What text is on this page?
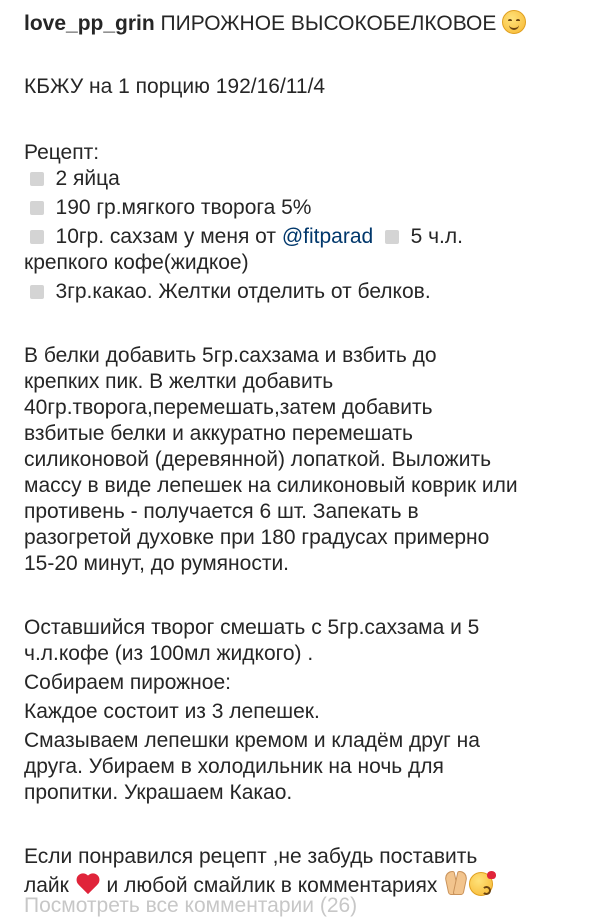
love_pp_grin ПИРОЖНОЕ ВЫСОКОБЕЛКОВОЕ
КБЖУ на 1 порцию 192/16/11/4
Рецепт:
2 яйца
190 гр.мягкого творога 5%
10гр. сахзам у меня от @fitparad 5 ч.л.
крепкого кофе(жидкое)
3гр.какао. Желтки отделить от белков.
В белки добавить 5гр.сахзама и взбить до
крепких пик. В желтки добавить
40гр.творога,перемешать,затем добавить
взбитые белки и аккуратно перемешать
силиконовой (деревянной) лопаткой. Выложить
массу в виде лепешек на силиконовый коврик или
противень - получается 6 шт. Запекать в
разогретой духовке при 180 градусах примерно
15-20 минут, до румяности.
Оставшийся творог смешать с 5гр.сахзама и 5
ч.л.кофе (из 100мл жидкого) .
Собираем пирожное:
Каждое состоит из 3 лепешек.
Смазываем лепешки кремом и кладём друг на
друга. Убираем в холодильник на ночь для
пропитки. Украшаем Какао.
Если понравился рецепт ,не забудь поставить
лайк и любой смайлик в комментариях
Посмотреть все комментарии (26)
